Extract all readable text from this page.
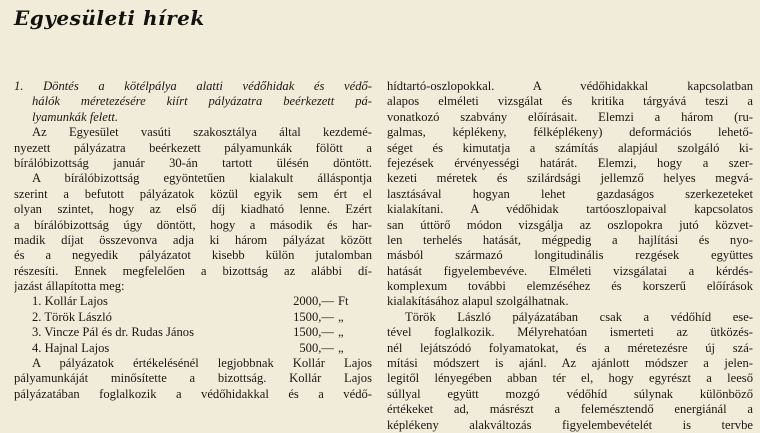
Egyesületi hírek
1. Döntés a kötélpálya alatti védőhidak és védő-
hálók méretezésére kiírt pályázatra beérkezett pá-
lyamunkák felett.
Az Egyesület vasúti szakosztálya által kezdemé-
nyezett pályázatra beérkezett pályamunkák fölött a
bírálóbizottság január 30-án tartott ülésén döntött.
A bírálóbizottság egyöntetűen kialakult álláspontja
szerint a befutott pályázatok közül egyik sem ért el
olyan szintet, hogy az első díj kiadható lenne. Ezért
a bírálóbizottság úgy döntött, hogy a második és har-
madik díjat összevonva adja ki három pályázat között
és a negyedik pályázatot kisebb külön jutalomban
részesíti. Ennek megfelelően a bizottság az alábbi dí-
jazást állapította meg:
1. Kollár Lajos	2000,— Ft
2. Török László	1500,— „
3. Vincze Pál és dr. Rudas János	1500,— „
4. Hajnal Lajos	500,— „
A pályázatok értékelésénél legjobbnak Kollár Lajos
pályamunkáját minősítette a bizottság. Kollár Lajos
pályázatában foglalkozik a védőhidakkal és a védő-
hídtartó-oszlopokkal. A védőhidakkal kapcsolatban
alapos elméleti vizsgálat és kritika tárgyává teszi a
vonatkozó szabvány előírásait. Elemzi a három (ru-
galmas, képlékeny, félképlékeny) deformációs lehető-
séget és kimutatja a számítás alapjául szolgáló ki-
fejezések érvényességi határát. Elemzi, hogy a szer-
kezeti méretek és szilárdsági jellemző helyes megvá-
lasztásával hogyan lehet gazdaságos szerkezeteket
kialakítani. A védőhidak tartóoszlopaival kapcsolatos
san úttörő módon vizsgálja az oszlopokra jutó közvet-
len terhelés hatását, mégpedig a hajlítási és nyo-
másból származó longitudinális rezgések együttes
hatását figyelembevéve. Elméleti vizsgálatai a kérdés-
komplexum további elemzéséhez és korszerű előírások
kialakításához alapul szolgálhatnak.
Török László pályázatában csak a védőhíd ese-
tével foglalkozik. Mélyrehatóan ismerteti az ütközés-
nél lejátszódó folyamatokat, és a méretezésre új szá-
mítási módszert is ajánl. Az ajánlott módszer a jelen-
legitől lényegében abban tér el, hogy egyrészt a leeső
súllyal együtt mozgó védőhíd súlynak különböző
értékeket ad, másrészt a felemésztendő energiánál a
képlékeny alakváltozás figyelembevételét is tervbe
